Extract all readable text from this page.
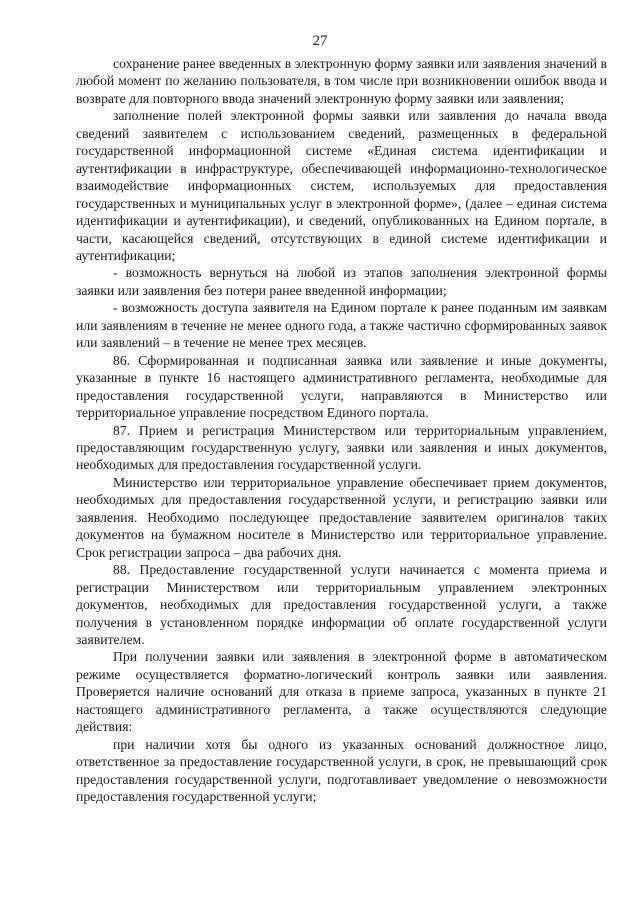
27

сохранение ранее введенных в электронную форму заявки или заявления значений в любой момент по желанию пользователя, в том числе при возникновении ошибок ввода и возврате для повторного ввода значений электронную форму заявки или заявления;

заполнение полей электронной формы заявки или заявления до начала ввода сведений заявителем с использованием сведений, размещенных в федеральной государственной информационной системе «Единая система идентификации и аутентификации в инфраструктуре, обеспечивающей информационно-технологическое взаимодействие информационных систем, используемых для предоставления государственных и муниципальных услуг в электронной форме», (далее – единая система идентификации и аутентификации), и сведений, опубликованных на Едином портале, в части, касающейся сведений, отсутствующих в единой системе идентификации и аутентификации;

- возможность вернуться на любой из этапов заполнения электронной формы заявки или заявления без потери ранее введенной информации;

- возможность доступа заявителя на Едином портале к ранее поданным им заявкам или заявлениям в течение не менее одного года, а также частично сформированных заявок или заявлений – в течение не менее трех месяцев.

86. Сформированная и подписанная заявка или заявление и иные документы, указанные в пункте 16 настоящего административного регламента, необходимые для предоставления государственной услуги, направляются в Министерство или территориальное управление посредством Единого портала.

87. Прием и регистрация Министерством или территориальным управлением, предоставляющим государственную услугу, заявки или заявления и иных документов, необходимых для предоставления государственной услуги.

Министерство или территориальное управление обеспечивает прием документов, необходимых для предоставления государственной услуги, и регистрацию заявки или заявления. Необходимо последующее предоставление заявителем оригиналов таких документов на бумажном носителе в Министерство или территориальное управление. Срок регистрации запроса – два рабочих дня.

88. Предоставление государственной услуги начинается с момента приема и регистрации Министерством или территориальным управлением электронных документов, необходимых для предоставления государственной услуги, а также получения в установленном порядке информации об оплате государственной услуги заявителем.

При получении заявки или заявления в электронной форме в автоматическом режиме осуществляется форматно-логический контроль заявки или заявления. Проверяется наличие оснований для отказа в приеме запроса, указанных в пункте 21 настоящего административного регламента, а также осуществляются следующие действия:

при наличии хотя бы одного из указанных оснований должностное лицо, ответственное за предоставление государственной услуги, в срок, не превышающий срок предоставления государственной услуги, подготавливает уведомление о невозможности предоставления государственной услуги;
